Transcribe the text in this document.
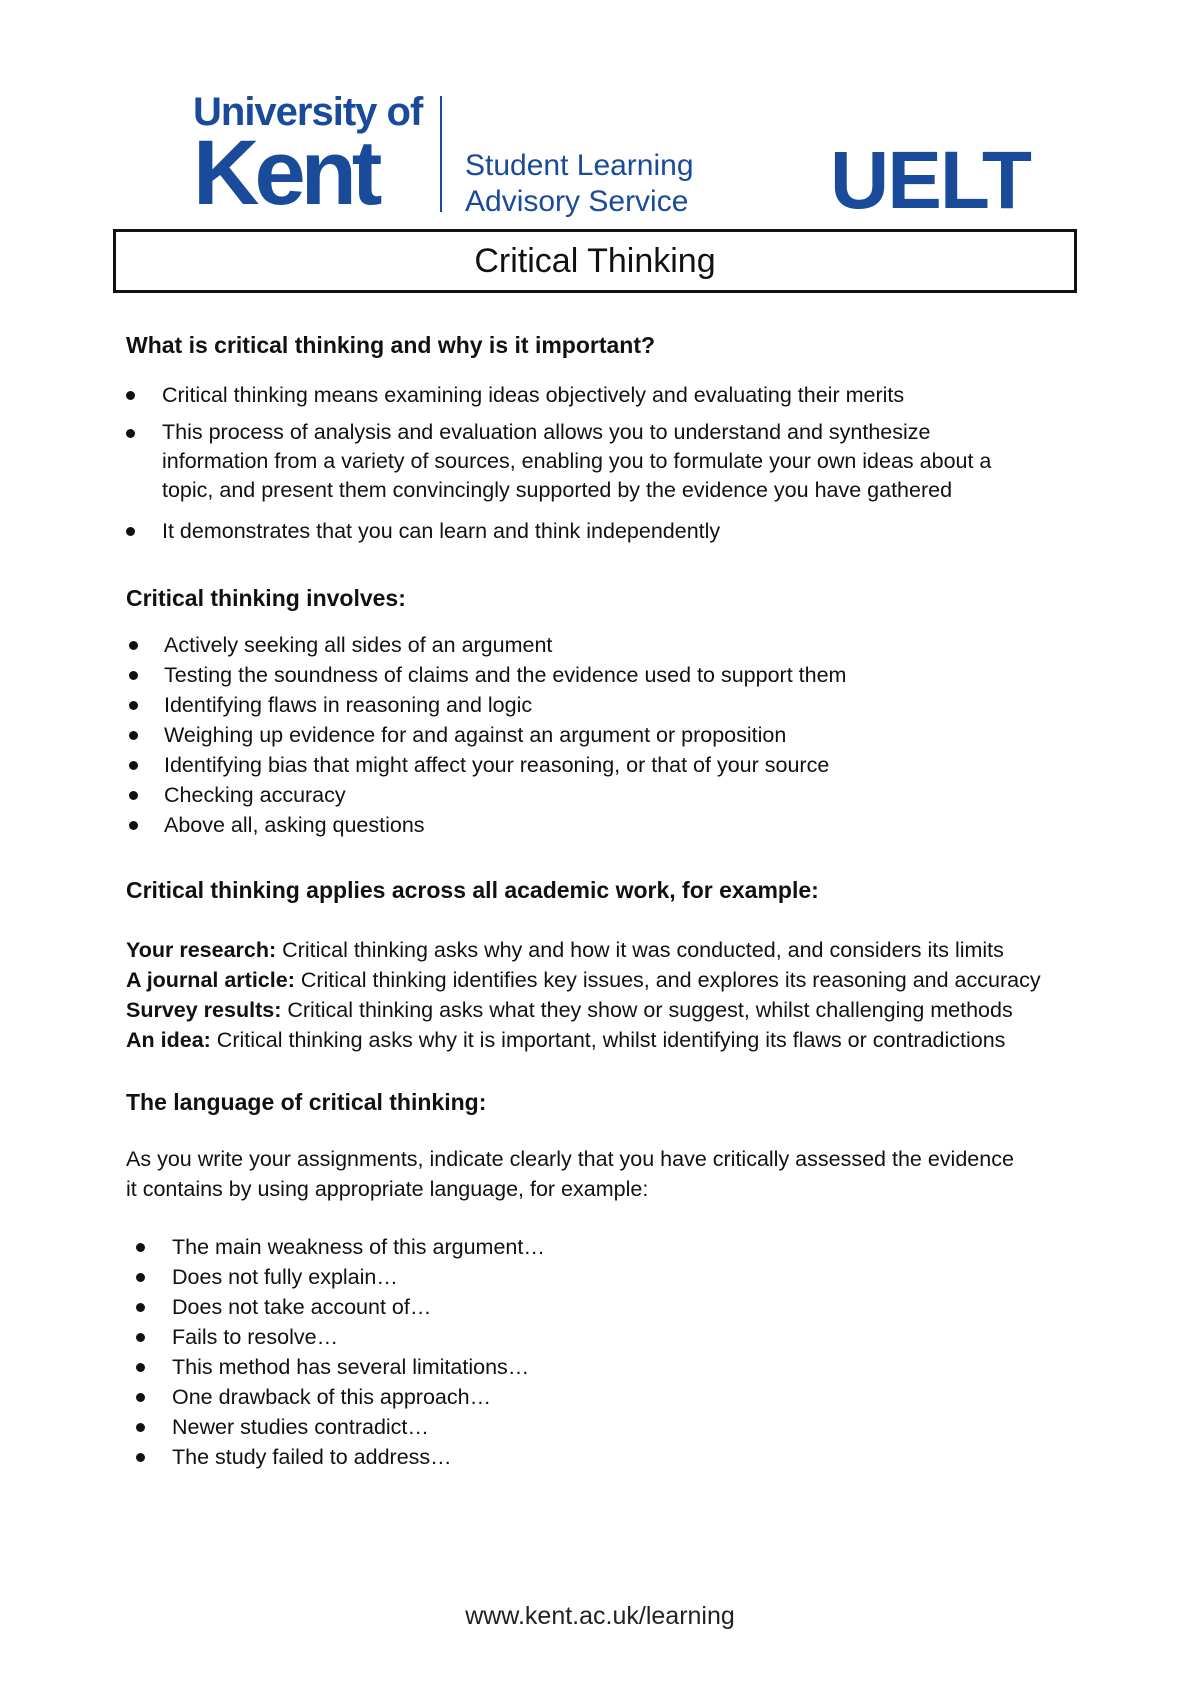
University of
Kent	Student Learning
Advisory Service UELT
Critical Thinking
What is critical thinking and why is it important?
Critical thinking means examining ideas objectively and evaluating their merits
This process of analysis and evaluation allows you to understand and synthesize
information from a variety of sources, enabling you to formulate your own ideas about a
topic, and present them convincingly supported by the evidence you have gathered
It demonstrates that you can learn and think independently
Critical thinking involves:
Actively seeking all sides of an argument
Testing the soundness of claims and the evidence used to support them
Identifying flaws in reasoning and logic
Weighing up evidence for and against an argument or proposition
Identifying bias that might affect your reasoning, or that of your source
Checking accuracy
Above all, asking questions
Critical thinking applies across all academic work, for example:
Your research: Critical thinking asks why and how it was conducted, and considers its limits
A journal article: Critical thinking identifies key issues, and explores its reasoning and accuracy
Survey results: Critical thinking asks what they show or suggest, whilst challenging methods
An idea: Critical thinking asks why it is important, whilst identifying its flaws or contradictions
The language of critical thinking:

As you write your assignments, indicate clearly that you have critically assessed the evidence
it contains by using appropriate language, for example:

The main weakness of this argument…
Does not fully explain…
Does not take account of…
Fails to resolve…
This method has several limitations…
One drawback of this approach…
Newer studies contradict…
The study failed to address…
www.kent.ac.uk/learning
